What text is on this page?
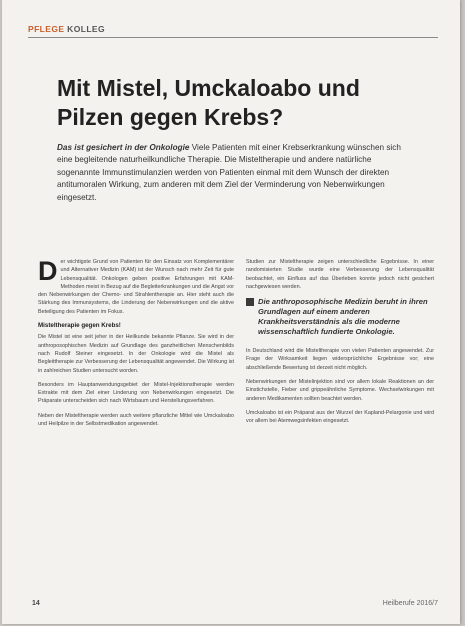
PFLEGE KOLLEG
Mit Mistel, Umckaloabo und
Pilzen gegen Krebs?
Das ist gesichert in der Onkologie Viele Patienten mit einer Krebserkrankung wünschen sich eine begleitende naturheilkundliche Therapie. Die Misteltherapie und andere natürliche sogenannte Immunstimulanzien werden von Patienten einmal mit dem Wunsch der direkten antitumoralen Wirkung, zum anderen mit dem Ziel der Verminderung von Nebenwirkungen eingesetzt.

D er wichtigste Grund von Patienten für den Einsatz von Komplementärer und Alternativer Medizin (KAM) ist der Wunsch nach mehr Zeit für gute Lebensqualität. Onkologen geben positive Erfahrungen mit KAM-Methoden meist in Bezug auf die Begleiterkrankungen und die Angst vor den Nebenwirkungen der Chemo- und Strahlentherapie an. Hier steht auch die Stärkung des Immunsystems, die Linderung der Nebenwirkungen und die aktive Beteiligung des Patienten im Fokus.

Misteltherapie gegen Krebs!

Die Mistel ist eine seit jeher in der Heilkunde bekannte Pflanze. Sie wird in der anthroposophischen Medizin auf Grundlage des ganzheitlichen Menschenbilds nach Rudolf Steiner eingesetzt. In der Onkologie wird die Mistel als Begleittherapie zur Verbesserung der Lebensqualität angewendet. Die Wirkung ist in zahlreichen Studien untersucht worden.

Besonders im Hauptanwendungsgebiet der Mistel-Injektionstherapie werden Extrakte mit dem Ziel einer Linderung von Nebenwirkungen eingesetzt. Die Präparate unterscheiden sich nach Wirtsbaum und Herstellungsverfahren.

Neben der Misteltherapie werden auch weitere pflanzliche Mittel wie Umckaloabo und Heilpilze in der Selbstmedikation angewendet.

Studien zur Misteltherapie zeigen unterschiedliche Ergebnisse. In einer randomisierten Studie wurde eine Verbesserung der Lebensqualität beobachtet, ein Einfluss auf das Überleben konnte jedoch nicht gesichert nachgewiesen werden.

Die anthroposophische Medizin beruht in ihren Grundlagen auf einem anderen Krankheitsverständnis als die moderne wissenschaftlich fundierte Onkologie.

In Deutschland wird die Misteltherapie von vielen Patienten angewendet. Zur Frage der Wirksamkeit liegen widersprüchliche Ergebnisse vor; eine abschließende Bewertung ist derzeit nicht möglich.

Nebenwirkungen der Mistelinjektion sind vor allem lokale Reaktionen an der Einstichstelle, Fieber und grippeähnliche Symptome. Wechselwirkungen mit anderen Medikamenten sollten beachtet werden.

Umckaloabo ist ein Präparat aus der Wurzel der Kapland-Pelargonie und wird vor allem bei Atemwegsinfekten eingesetzt.

14	Heilberufe 2016/7
